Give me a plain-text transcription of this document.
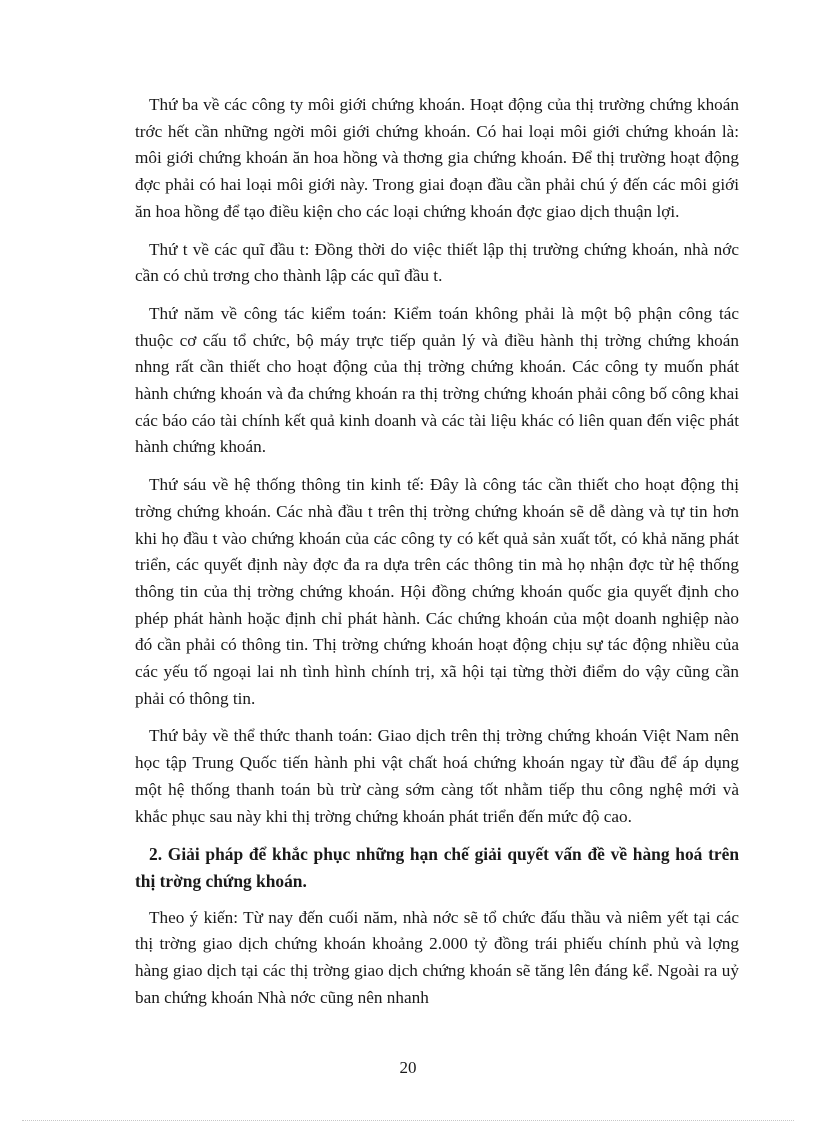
Thứ ba về các công ty môi giới chứng khoán. Hoạt động của thị trường chứng khoán trớc hết cần những ngời môi giới chứng khoán. Có hai loại môi giới chứng khoán là: môi giới chứng khoán ăn hoa hồng và thơng gia chứng khoán. Để thị trường hoạt động đợc phải có hai loại môi giới này. Trong giai đoạn đầu cần phải chú ý đến các môi giới ăn hoa hồng để tạo điều kiện cho các loại chứng khoán đợc giao dịch thuận lợi.

Thứ t về các quĩ đầu t: Đồng thời do việc thiết lập thị trường chứng khoán, nhà nớc cần có chủ trơng cho thành lập các quĩ đầu t.

Thứ năm về công tác kiểm toán: Kiểm toán không phải là một bộ phận công tác thuộc cơ cấu tổ chức, bộ máy trực tiếp quản lý và điều hành thị trờng chứng khoán nhng rất cần thiết cho hoạt động của thị trờng chứng khoán. Các công ty muốn phát hành chứng khoán và đa chứng khoán ra thị trờng chứng khoán phải công bố công khai các báo cáo tài chính kết quả kinh doanh và các tài liệu khác có liên quan đến việc phát hành chứng khoán.

Thứ sáu về hệ thống thông tin kinh tế: Đây là công tác cần thiết cho hoạt động thị trờng chứng khoán. Các nhà đầu t trên thị trờng chứng khoán sẽ dễ dàng và tự tin hơn khi họ đầu t vào chứng khoán của các công ty có kết quả sản xuất tốt, có khả năng phát triển, các quyết định này đợc đa ra dựa trên các thông tin mà họ nhận đợc từ hệ thống thông tin của thị trờng chứng khoán. Hội đồng chứng khoán quốc gia quyết định cho phép phát hành hoặc định chỉ phát hành. Các chứng khoán của một doanh nghiệp nào đó cần phải có thông tin. Thị trờng chứng khoán hoạt động chịu sự tác động nhiều của các yếu tố ngoại lai nh tình hình chính trị, xã hội tại từng thời điểm do vậy cũng cần phải có thông tin.

Thứ bảy về thể thức thanh toán: Giao dịch trên thị trờng chứng khoán Việt Nam nên học tập Trung Quốc tiến hành phi vật chất hoá chứng khoán ngay từ đầu để áp dụng một hệ thống thanh toán bù trừ càng sớm càng tốt nhằm tiếp thu công nghệ mới và khắc phục sau này khi thị trờng chứng khoán phát triển đến mức độ cao.

2. Giải pháp để khắc phục những hạn chế giải quyết vấn đề về hàng hoá trên thị trờng chứng khoán.

Theo ý kiến: Từ nay đến cuối năm, nhà nớc sẽ tổ chức đấu thầu và niêm yết tại các thị trờng giao dịch chứng khoán khoảng 2.000 tỷ đồng trái phiếu chính phủ và lợng hàng giao dịch tại các thị trờng giao dịch chứng khoán sẽ tăng lên đáng kể. Ngoài ra uỷ ban chứng khoán Nhà nớc cũng nên nhanh

20
